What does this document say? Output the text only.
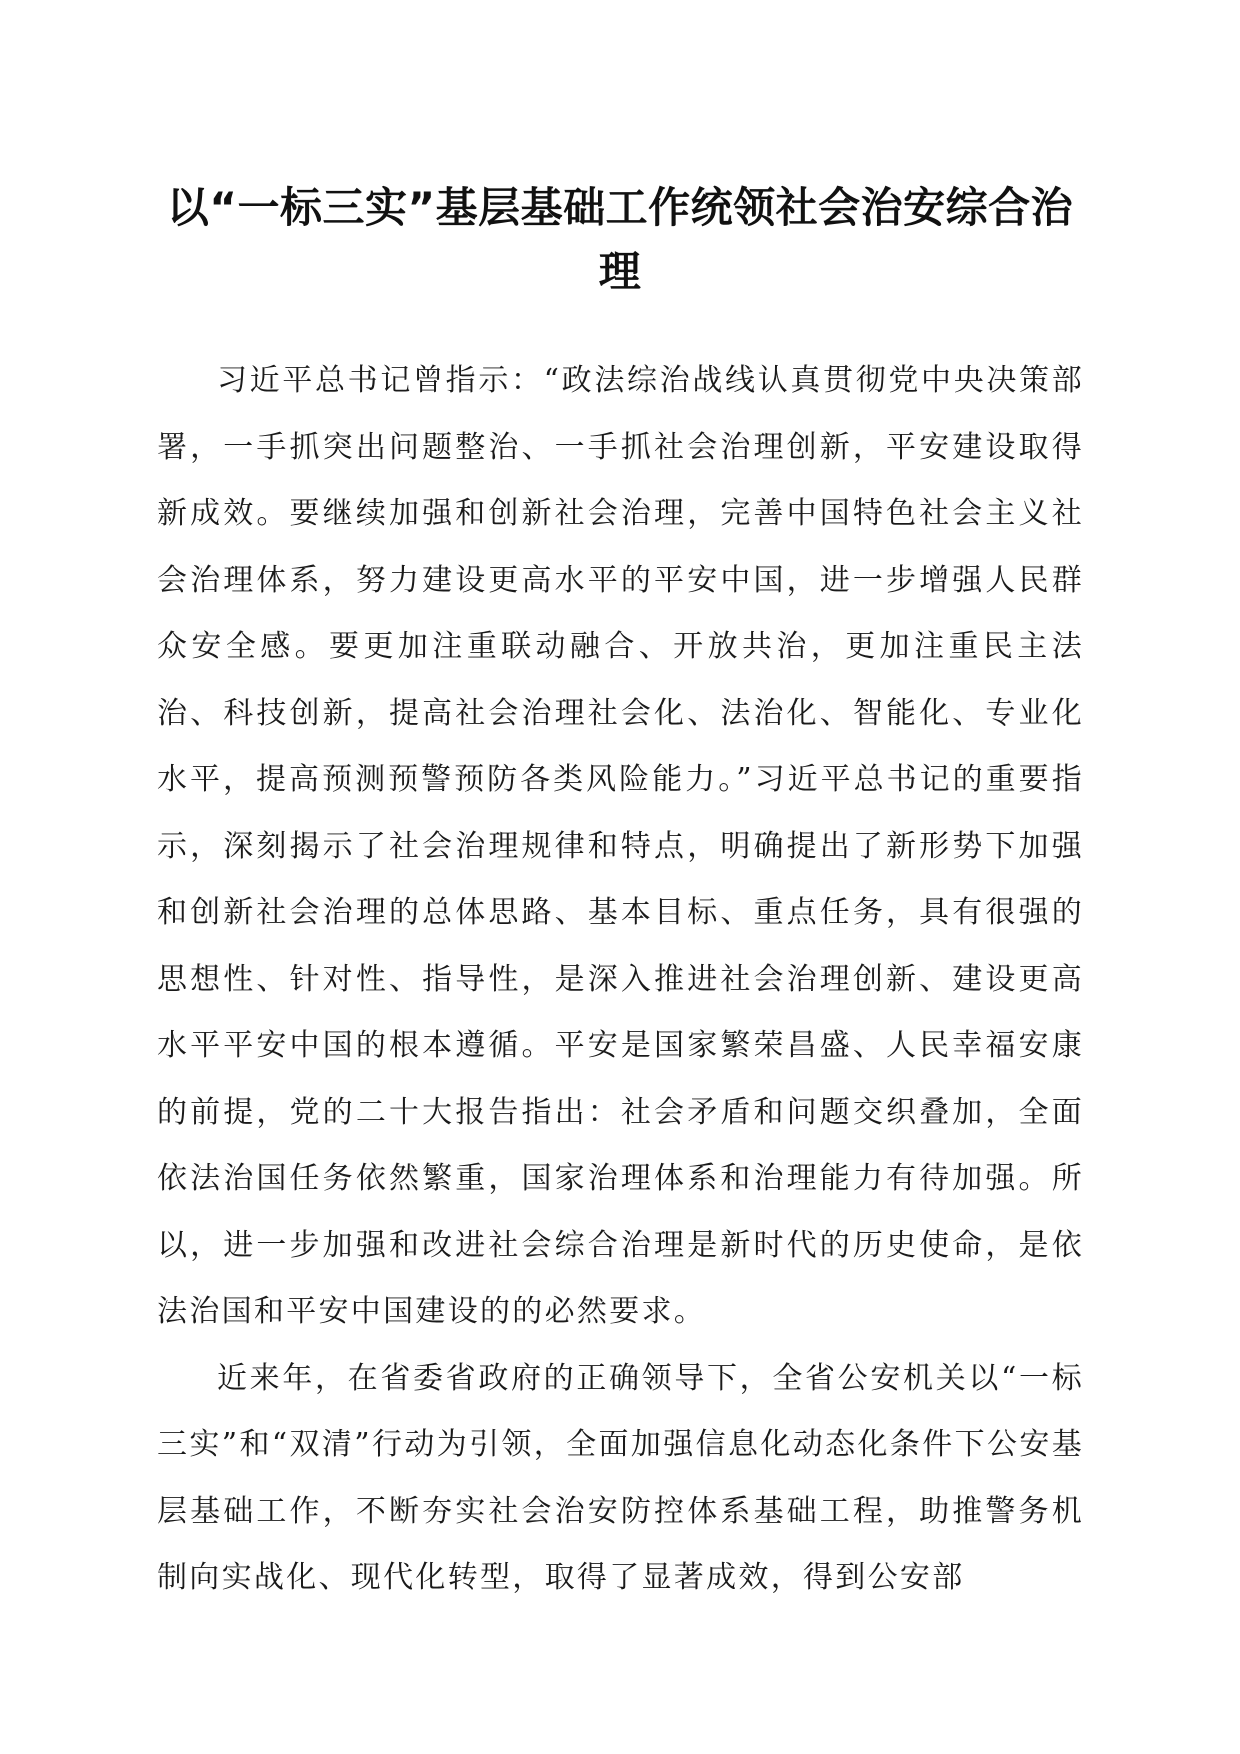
以“一标三实”基层基础工作统领社会治安综合治理

习近平总书记曾指示：“政法综治战线认真贯彻党中央决策部署，一手抓突出问题整治、一手抓社会治理创新，平安建设取得新成效。要继续加强和创新社会治理，完善中国特色社会主义社会治理体系，努力建设更高水平的平安中国，进一步增强人民群众安全感。要更加注重联动融合、开放共治，更加注重民主法治、科技创新，提高社会治理社会化、法治化、智能化、专业化水平，提高预测预警预防各类风险能力。”习近平总书记的重要指示，深刻揭示了社会治理规律和特点，明确提出了新形势下加强和创新社会治理的总体思路、基本目标、重点任务，具有很强的思想性、针对性、指导性，是深入推进社会治理创新、建设更高水平平安中国的根本遵循。平安是国家繁荣昌盛、人民幸福安康的前提，党的二十大报告指出：社会矛盾和问题交织叠加，全面依法治国任务依然繁重，国家治理体系和治理能力有待加强。所以，进一步加强和改进社会综合治理是新时代的历史使命，是依法治国和平安中国建设的的必然要求。

近来年，在省委省政府的正确领导下，全省公安机关以“一标三实”和“双清”行动为引领，全面加强信息化动态化条件下公安基层基础工作，不断夯实社会治安防控体系基础工程，助推警务机制向实战化、现代化转型，取得了显著成效，得到公安部
